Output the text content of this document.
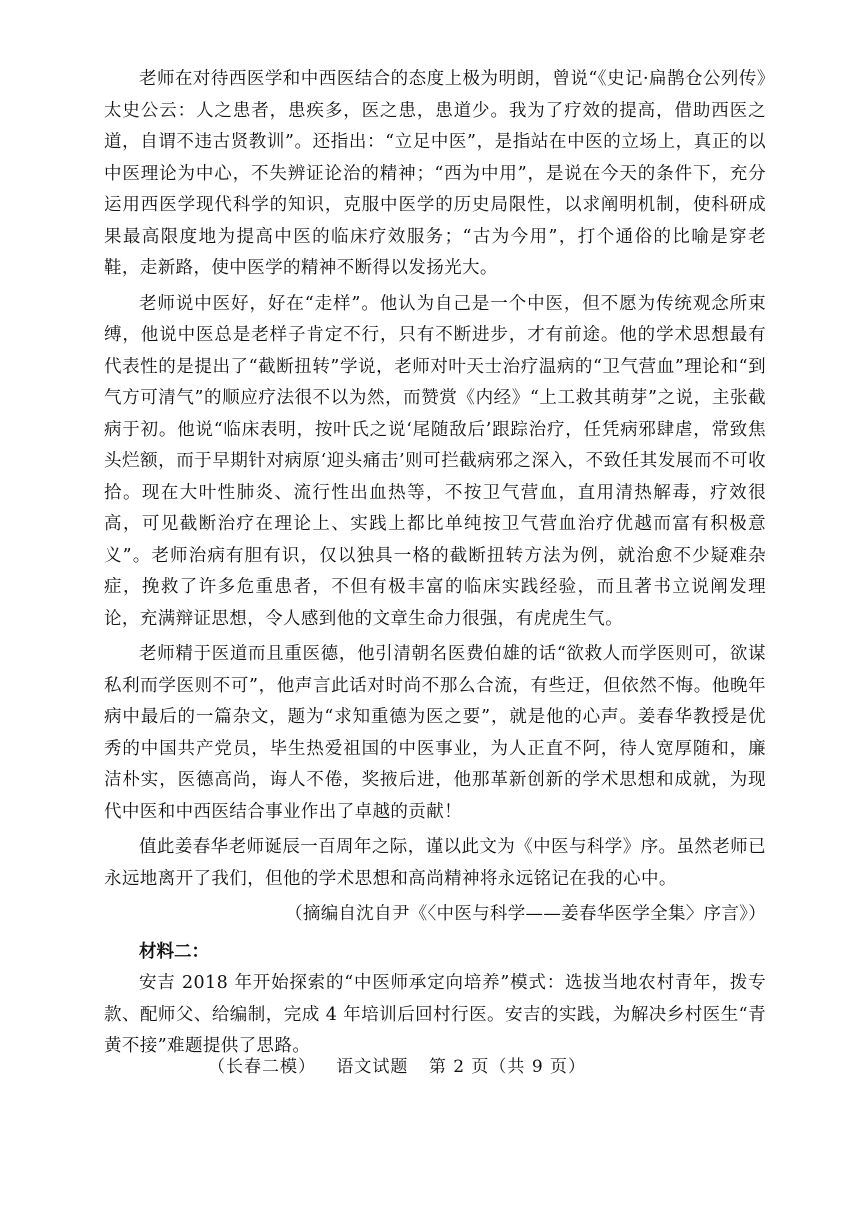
老师在对待西医学和中西医结合的态度上极为明朗，曾说“《史记·扁鹊仓公列传》太史公云：人之患者，患疾多，医之患，患道少。我为了疗效的提高，借助西医之道，自谓不违古贤教训”。还指出：“立足中医”，是指站在中医的立场上，真正的以中医理论为中心，不失辨证论治的精神；“西为中用”，是说在今天的条件下，充分运用西医学现代科学的知识，克服中医学的历史局限性，以求阐明机制，使科研成果最高限度地为提高中医的临床疗效服务；“古为今用”，打个通俗的比喻是穿老鞋，走新路，使中医学的精神不断得以发扬光大。

老师说中医好，好在“走样”。他认为自己是一个中医，但不愿为传统观念所束缚，他说中医总是老样子肯定不行，只有不断进步，才有前途。他的学术思想最有代表性的是提出了“截断扭转”学说，老师对叶天士治疗温病的“卫气营血”理论和“到气方可清气”的顺应疗法很不以为然，而赞赏《内经》“上工救其萌芽”之说，主张截病于初。他说“临床表明，按叶氏之说‘尾随敌后’跟踪治疗，任凭病邪肆虐，常致焦头烂额，而于早期针对病原‘迎头痛击’则可拦截病邪之深入，不致任其发展而不可收拾。现在大叶性肺炎、流行性出血热等，不按卫气营血，直用清热解毒，疗效很高，可见截断治疗在理论上、实践上都比单纯按卫气营血治疗优越而富有积极意义”。老师治病有胆有识，仅以独具一格的截断扭转方法为例，就治愈不少疑难杂症，挽救了许多危重患者，不但有极丰富的临床实践经验，而且著书立说阐发理论，充满辩证思想，令人感到他的文章生命力很强，有虎虎生气。

老师精于医道而且重医德，他引清朝名医费伯雄的话“欲救人而学医则可，欲谋私利而学医则不可”，他声言此话对时尚不那么合流，有些迂，但依然不悔。他晚年病中最后的一篇杂文，题为“求知重德为医之要”，就是他的心声。姜春华教授是优秀的中国共产党员，毕生热爱祖国的中医事业，为人正直不阿，待人宽厚随和，廉洁朴实，医德高尚，诲人不倦，奖掖后进，他那革新创新的学术思想和成就，为现代中医和中西医结合事业作出了卓越的贡献！

值此姜春华老师诞辰一百周年之际，谨以此文为《中医与科学》序。虽然老师已永远地离开了我们，但他的学术思想和高尚精神将永远铭记在我的心中。

（摘编自沈自尹《〈中医与科学——姜春华医学全集〉序言》）

材料二：

安吉 2018 年开始探索的“中医师承定向培养”模式：选拔当地农村青年，拨专款、配师父、给编制，完成 4 年培训后回村行医。安吉的实践，为解决乡村医生“青黄不接”难题提供了思路。

（长春二模） 语文试题 第 2 页（共 9 页）
